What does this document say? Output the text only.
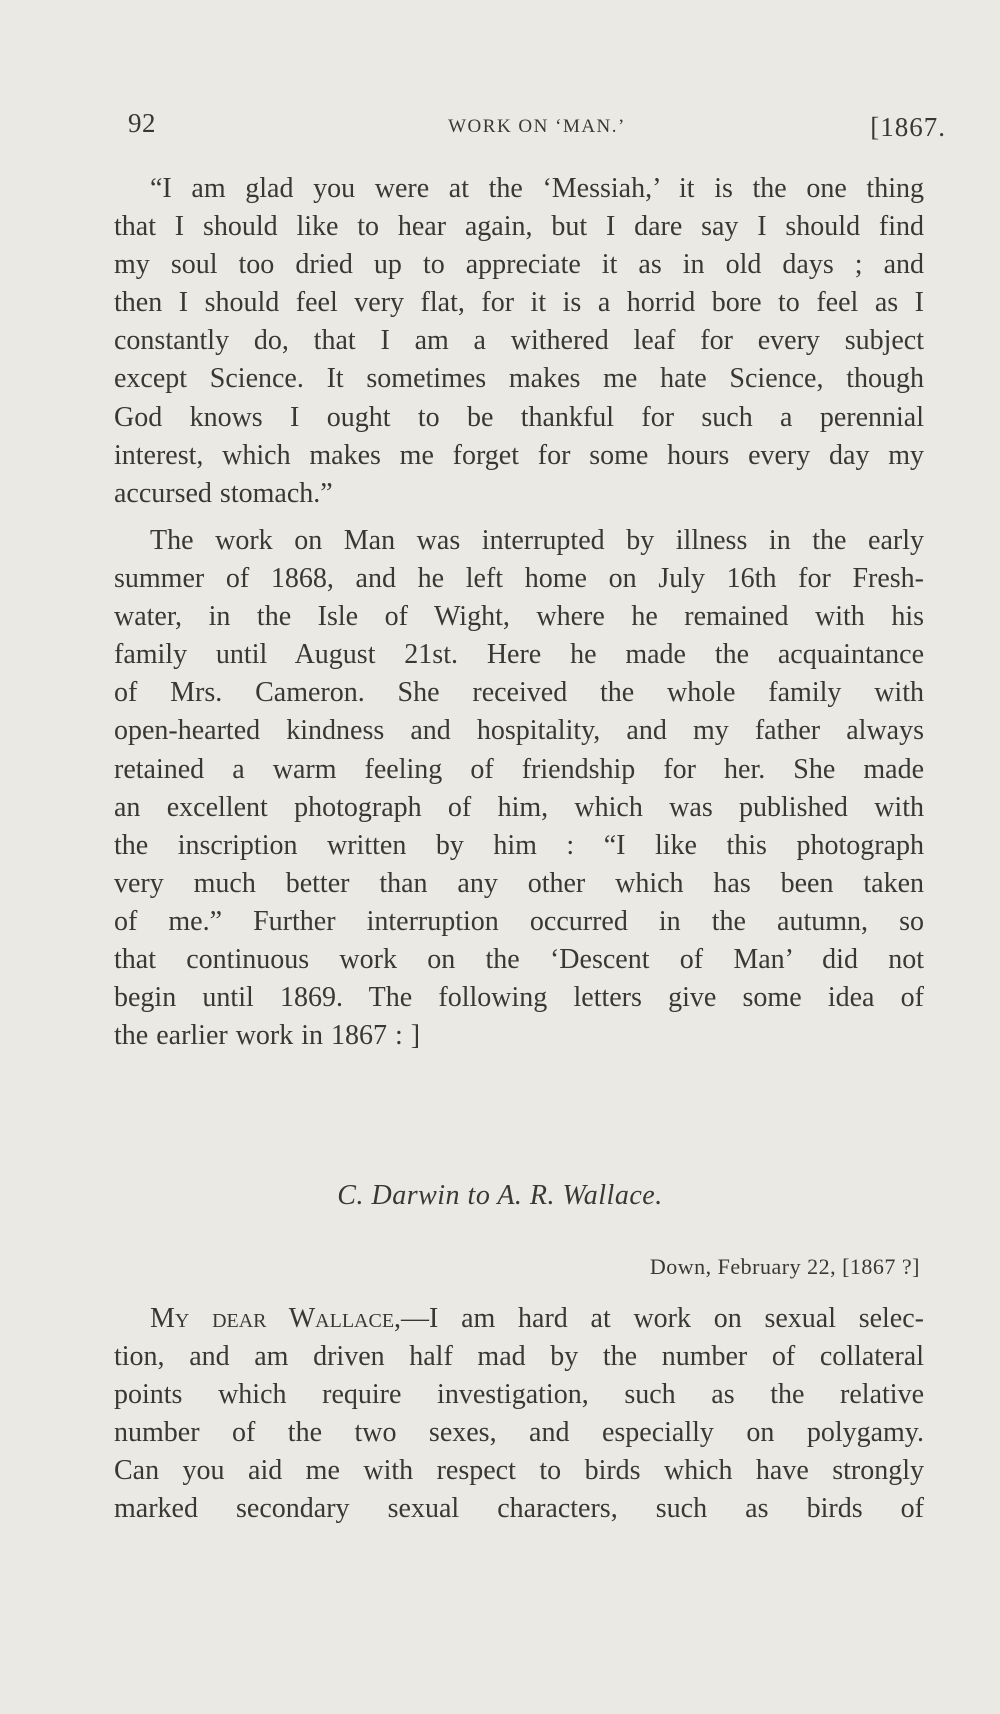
92	WORK ON ‘MAN.’	[1867.
“I am glad you were at the ‘Messiah,’ it is the one thing
that I should like to hear again, but I dare say I should find
my soul too dried up to appreciate it as in old days ; and
then I should feel very flat, for it is a horrid bore to feel as I
constantly do, that I am a withered leaf for every subject
except Science. It sometimes makes me hate Science, though
God knows I ought to be thankful for such a perennial
interest, which makes me forget for some hours every day my
accursed stomach.”
The work on Man was interrupted by illness in the early
summer of 1868, and he left home on July 16th for Fresh-
water, in the Isle of Wight, where he remained with his
family until August 21st. Here he made the acquaintance
of Mrs. Cameron. She received the whole family with
open-hearted kindness and hospitality, and my father always
retained a warm feeling of friendship for her. She made
an excellent photograph of him, which was published with
the inscription written by him : “I like this photograph
very much better than any other which has been taken
of me.” Further interruption occurred in the autumn, so
that continuous work on the ‘Descent of Man’ did not
begin until 1869. The following letters give some idea of
the earlier work in 1867 : ]
C. Darwin to A. R. Wallace.
Down, February 22, [1867 ?]
My dear Wallace,—I am hard at work on sexual selec-
tion, and am driven half mad by the number of collateral
points which require investigation, such as the relative
number of the two sexes, and especially on polygamy.
Can you aid me with respect to birds which have strongly
marked secondary sexual characters, such as birds of
